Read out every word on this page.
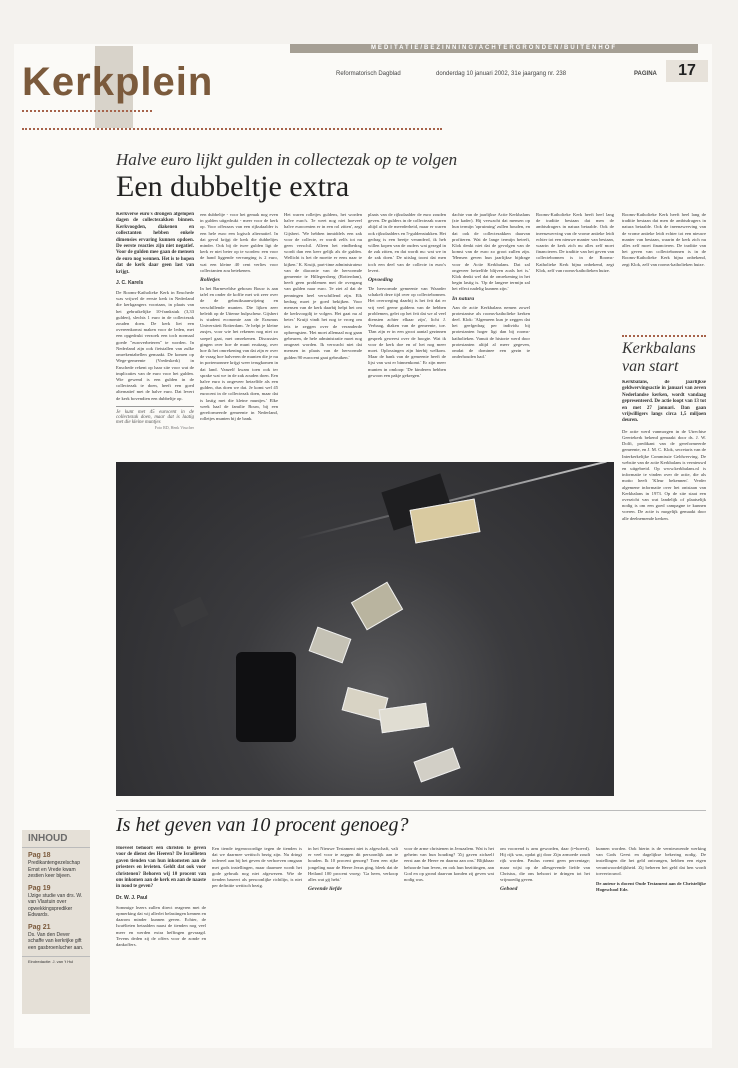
MEDITATIE/BEZINNING/ACHTERGRONDEN/BUITENHOF
Kerkplein	Reformatorisch Dagblad	donderdag 10 januari 2002, 31e jaargang nr. 238	PAGINA	17
Halve euro lijkt gulden in collectezak op te volgen
Een dubbeltje extra
Kerkverse euro's drongen afgelopen dagen de collectezakken binnen. Kerkvoogden, diakenen en collectanten hebben enkele dimensies ervaring kunnen opdoen. De eerste reacties zijn niet negatief. Voor de gulden mee gaan de mensen de euro nog wennen. Het is te hopen dat de kerk daar geen last van krijgt.
J. C. Karels
De Rooms-Katholieke Kerk in Enschede was vrijwel de eerste kerk in Nederland die kerkgangers voortaan, in plaats van het gebruikelijke 10-frankstuk (3,33 gulden), slechts 1 euro in de collectezak zouden doen. De kerk liet een overeenkomst maken voor de leden, met een opgedrukt verzoek een toch normaal goede "euroverbeteren" te worden. In Nederland zijn ook fietstallen van zulke omrekentabellen gemaakt. De komen op Wege-gemeente (Vredeskerk) in Enschede rekent op haar site voor wat de implicaties van de euro voor het gulden. Wie gewend is een gulden in de collectezak te doen, heeft een goed alternatief met de halve euro. Dat levert de kerk bovendien een dubbeltje op.
Je kunt met 45 eurocent in de collectezak doen, maar dat is laatig met die kleine muntjes
Foto RD, Henk Visscher
een dubbeltje - voor het gemak nog even in gulden uitgedrukt - meer voor de kerk op. Voor offeraars van een rijksdaalder is een hele euro een logisch alternatief. In dat geval krijgt de kerk die dubbeltjes minder. Ook bij de twee gulden ligt de kerk er niet beter op te worden: een voor de hand liggende vervanging is 2 euro, wat een kleine 40 cent verlies voor collectanten zou betekenen.
Rolletjes
In het Barneveldse gebouw Bouw is aan tafel en onder de koffie met wit zeer over de de gebruiksaanwijzing en verschillende munten. Die lijken zeer beleidt op de Uttense hulpscheur. Gijsbert is student economie aan de Erasmus Universiteit Rotterdam. 'Je helpt je kleine zusjes, voor wie het rekenen nog niet zo soepel gaat, met omrekenen. Discussies gingen over hoe de munt eruitzag, over hoe ik het omrekening van dat zijn er over de vraag hoe halveren de munten die je nu in portemonnee krijgt weer terugkomen in dat land. Vanzelf kwam toen ook ter sprake wat we in de zak zouden doen. Een halve euro is ongeveer hetzelfde als een gulden, dus doen we dat. Je komt wel 45 eurocent in de collectezak doen, maar dat is lastig met die kleine muntjes.' Elke week haal de familie Bouw, bij een gereformeerde gemeente in Nederland, rolletjes munten bij de bank.
Het waren rolletjes guldens, het worden halve euro's. 'Je weet nog niet hoeveel halve eurocenten er in een rol zitten', zegt Gijsbert. 'We hebben inmiddels een zak voor de collecte, er wordt zelfs tot nu geen verschil. Alleen het eindbedrag wordt dan een keer gelijk als de gulden. Wellicht is het de moeite er eens naar te kijken.' K. Kruijt, part-time administrateur van de diaconie van de hervormde gemeente te Hillegersberg (Rotterdam), heeft geen problemen met de overgang van gulden naar euro. 'Je ziet al dat de penningen heel verschillend zijn. Elk bedrag moet je goed bekijken. Voor mensen van de kerk daarbij helpt het om de kerkvoogdij te volgen. Het gaat nu al beter.' Kruijt vindt het nog te vroeg om iets te zeggen over de veranderde opbrengsten. 'Het moet allemaal nog gaan gebeuren, de hele administratie moet nog omgezet worden. Ik verwacht niet dat mensen in plaats van de hervormde gulden 90 eurocent gaat gebruiken.'
plaats van de rijksdaalder de euro zouden geven. De gulders in de collectezak waren altijd al in de meerderheid, maar er waren ook rijksdaalders en 5-guldenstukken. Het gedrag is een beetje veranderd, ik heb willen kopen van de ouders wat gezegd in de zak zitten, en dat wordt nu: wat we in de zak doen.' De uitslag toont dat men toch een deel van de collecte in euro's levert.
Opvoeding
'De hervormde gemeente van Waarder schakelt deze tijd over op collectebonnen. Het overweging daarbij is het feit dat er vrij veel geene guldens van de hebben problemen, gelet op het feit dat we al veel diensten achter elkaar zijn', licht J. Verbaag, diaken van de gemeente, toe. 'Dan zijn er in een groot aantal gezinnen gesprek geweest over de hoogte. Wat ik voor de kerk doe en of het nog meer moet. Oplossingen zijn hierbij welkom. Maar de bank van de gemeente heeft de lijst van wat er binnenkomt.' Er zijn meer munten in omloop: 'De kinderen hebben gewoon een pakje gekregen.'
dachte van de jaarlijkse Actie Kerkbalans (zie kader). Hij verwacht dat mensen op hun termijn 'opruiming' zullen houden, en dat ook de collectezakken daarvan profiteren. Wat de lange termijn betreft, Klok denkt niet dat de gevolgen van de komst van de euro zo groot zullen zijn. 'Mensen geven hun jaarlijkse bijdrage voor de Actie Kerkbalans. Dat zal ongeveer hetzelfde blijven zoals het is.' Klok denkt wel dat de omrekening in het begin lastig is. 'Op de langere termijn zal het effect nadelig kunnen zijn.'
In natura
Aan de actie Kerkbalans nemen zowel protestantse als rooms-katholieke kerken deel. Klok: 'Algemeen kun je zeggen dat het geefgedrag per individu bij protestanten hoger ligt dan bij rooms-katholieken. Vanuit de historie werd door protestanten altijd al meer gegeven, omdat de dominee een gezin te onderhouden had.'
Rooms-Katholieke Kerk heeft heel lang de traditie bestaan dat men de ambtsdragers in natura betaalde. Ook de ineenzwerving van de vrome antieke leidt echter tot een nieuwe manier van bestaan, waarin de kerk zich nu alles zelf moet financieren. De traditie van het geven van collectebonnen is in de Rooms-Katholieke Kerk bijna onbekend, zegt Klok, zelf van rooms-katholieken huize.
Rooms-Katholieke Kerk heeft heel lang de traditie bestaan dat men de ambtsdragers in natura betaalde. Ook de ineenzwerving van de vrome antieke leidt echter tot een nieuwe manier van bestaan, waarin de kerk zich nu alles zelf moet financieren. De traditie van het geven van collectebonnen is in de Rooms-Katholieke Kerk bijna onbekend, zegt Klok, zelf van rooms-katholieken huize.
Kerkbalans
van start
Kerkbalans, de jaarlijkse geldwervingsactie in januari van zeven Nederlandse kerken, wordt vandaag gepresenteerd. De actie loopt van 13 tot en met 27 januari. Dan gaan vrijwilligers langs circa 1,5 miljoen deuren.
De actie werd vanmorgen in de Utrechtse Geertekerk bekend gemaakt door ds. J. W. Dolfi, predikant van de gereformeerde gemeente, en J. M. C. Klok, secretaris van de Interkerkelijke Commissie Geldwerving. De website van de actie Kerkbalans is vernieuwd en uitgebreid. Op www.kerkbalans.nl is informatie te vinden over de actie, die als motto heeft 'Kleur bekennen'. Verder algemene informatie over het ontstaan van Kerkbalans in 1973. Op de site staat een overzicht van wat landelijk of plaatselijk nodig is om een goed campagne te kunnen voeren. De actie is mogelijk gemaakt door alle deelnemende kerken.
Is het geven van 10 procent genoeg?
INHOUD
Pag 18
Predikantengezelschap Ernst en Vrede kwam zestien keer bijeen.
Pag 19
IJzige studie van drs. W. van Vlastuin over opwekkingsprediker Edwards.
Pag 21
Ds. Van den Dever schaffe van kerkrijke gift een gasbroenlucher aan.
Eindredactie: J. van 't Hul
Hoeveel behoort een christen te geven voor de dienst des Heeren? De Israëlieten gaven tienden van hun inkomsten aan de priesters en levieten. Geldt dat ook voor christenen? Behoren wij 10 procent van ons inkomen aan de kerk en aan de naaste in nood te geven?
Dr. W. J. Paul
Sommige lezers zullen direct reageren met de opmerking dat wij allerlei belastingen kennen en daarom minder kunnen geven. Echter, de Israëlieten betaalden naast de tienden nog veel meer en werden extra heffingen gevraagd. Tevens deden zij de offers voor de zonde en dankoffers.
Een tiende tegenwoordige tegen de tienden is dat we daarmee wettisch bezig zijn. Nu dringt iedereel aan bij het geven de verhoeven omgaan met gods instellingen, maar daarmee wordt het gode gebruik nog niet afgewezen. Wie de tienden baseert als persoonlijke richtlijn, is niet per definitie wettisch bezig.
in het Nieuwe Testament niet is afgeschaft, valt er veel voor te zeggen dit persoonlijk aan te houden. Ik 10 procent genoeg? Toen een rijke jongeling naar de Heere Jezus ging, bleek dat de Heiland 100 procent vroeg: 'Ga heen, verkoop alles wat gij hebt.'
Gevende liefde
voor de arme christenen in Jeruzalem. Wat is het geheim van hun houding? 'Zij gaven zichzelf eerst aan de Heere en daarna aan ons.' Blijkbaar behoorde hun leven, en ook hun bezittingen, aan God en op grond daarvan konden zij geven wat nodig was.
om voorrend is arm geworden, daar (i=hoevd). Hij rijk was, opdat gij door Zijn armoede zoudt rijk worden. Paulus roemt geen percentage; maar wijst op de allesgevende liefde van Christus, die ons behoort te dringen tot het vrijmoedig geven.
Geboed
kunnen worden. Ook hierin is de vernieuwende werking van Gods Geest en dagelijkse bekering nodig. De instellingen die het geld ontvangen, hebben een eigen verantwoordelijkheid. Zij beheren het geld dat hen wordt toevertrouwd.
De auteur is docent Oude Testament aan de Christelijke Hogeschool Ede.
